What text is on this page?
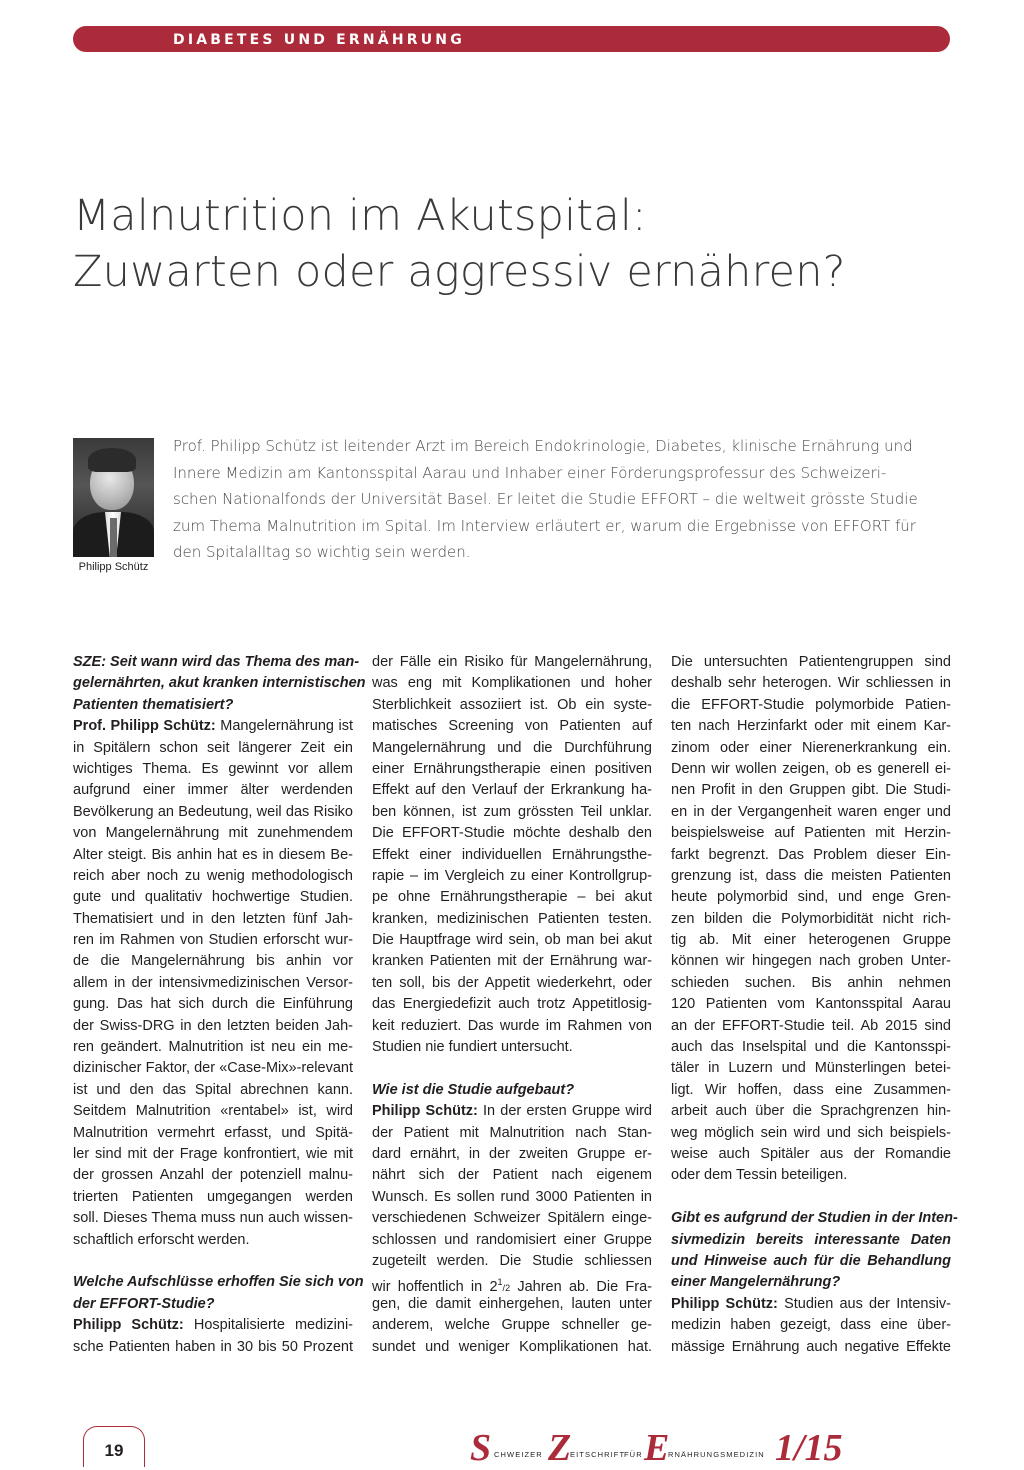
DIABETES UND ERNÄHRUNG
Malnutrition im Akutspital:
Zuwarten oder aggressiv ernähren?
Philipp Schütz

Prof. Philipp Schütz ist leitender Arzt im Bereich Endokrinologie, Diabetes, klinische Ernährung und
Innere Medizin am Kantonsspital Aarau und Inhaber einer Förderungsprofessur des Schweizeri-
schen Nationalfonds der Universität Basel. Er leitet die Studie EFFORT – die weltweit grösste Studie
zum Thema Malnutrition im Spital. Im Interview erläutert er, warum die Ergebnisse von EFFORT für
den Spitalalltag so wichtig sein werden.

SZE: Seit wann wird das Thema des man-
gelernährten, akut kranken internistischen
Patienten thematisiert?
Prof. Philipp Schütz: Mangelernährung ist
in Spitälern schon seit längerer Zeit ein
wichtiges Thema. Es gewinnt vor allem
aufgrund einer immer älter werdenden
Bevölkerung an Bedeutung, weil das Risiko
von Mangelernährung mit zunehmendem
Alter steigt. Bis anhin hat es in diesem Be-
reich aber noch zu wenig methodologisch
gute und qualitativ hochwertige Studien.
Thematisiert und in den letzten fünf Jah-
ren im Rahmen von Studien erforscht wur-
de die Mangelernährung bis anhin vor
allem in der intensivmedizinischen Versor-
gung. Das hat sich durch die Einführung
der Swiss-DRG in den letzten beiden Jah-
ren geändert. Malnutrition ist neu ein me-
dizinischer Faktor, der «Case-Mix»-relevant
ist und den das Spital abrechnen kann.
Seitdem Malnutrition «rentabel» ist, wird
Malnutrition vermehrt erfasst, und Spitä-
ler sind mit der Frage konfrontiert, wie mit
der grossen Anzahl der potenziell malnu-
trierten Patienten umgegangen werden
soll. Dieses Thema muss nun auch wissen-
schaftlich erforscht werden.
Welche Aufschlüsse erhoffen Sie sich von
der EFFORT-Studie?
Philipp Schütz: Hospitalisierte medizini-
sche Patienten haben in 30 bis 50 Prozent
der Fälle ein Risiko für Mangelernährung,
was eng mit Komplikationen und hoher
Sterblichkeit assoziiert ist. Ob ein syste-
matisches Screening von Patienten auf
Mangelernährung und die Durchführung
einer Ernährungstherapie einen positiven
Effekt auf den Verlauf der Erkrankung ha-
ben können, ist zum grössten Teil unklar.
Die EFFORT-Studie möchte deshalb den
Effekt einer individuellen Ernährungsthe-
rapie – im Vergleich zu einer Kontrollgrup-
pe ohne Ernährungstherapie – bei akut
kranken, medizinischen Patienten testen.
Die Hauptfrage wird sein, ob man bei akut
kranken Patienten mit der Ernährung war-
ten soll, bis der Appetit wiederkehrt, oder
das Energiedefizit auch trotz Appetitlosig-
keit reduziert. Das wurde im Rahmen von
Studien nie fundiert untersucht.
Wie ist die Studie aufgebaut?
Philipp Schütz: In der ersten Gruppe wird
der Patient mit Malnutrition nach Stan-
dard ernährt, in der zweiten Gruppe er-
nährt sich der Patient nach eigenem
Wunsch. Es sollen rund 3000 Patienten in
verschiedenen Schweizer Spitälern einge-
schlossen und randomisiert einer Gruppe
zugeteilt werden. Die Studie schliessen
wir hoffentlich in $2^1/2$ Jahren ab. Die Fra-
gen, die damit einhergehen, lauten unter
anderem, welche Gruppe schneller ge-
sundet und weniger Komplikationen hat.
Die untersuchten Patientengruppen sind
deshalb sehr heterogen. Wir schliessen in
die EFFORT-Studie polymorbide Patien-
ten nach Herzinfarkt oder mit einem Kar-
zinom oder einer Nierenerkrankung ein.
Denn wir wollen zeigen, ob es generell ei-
nen Profit in den Gruppen gibt. Die Studi-
en in der Vergangenheit waren enger und
beispielsweise auf Patienten mit Herzin-
farkt begrenzt. Das Problem dieser Ein-
grenzung ist, dass die meisten Patienten
heute polymorbid sind, und enge Gren-
zen bilden die Polymorbidität nicht rich-
tig ab. Mit einer heterogenen Gruppe
können wir hingegen nach groben Unter-
schieden suchen. Bis anhin nehmen
120 Patienten vom Kantonsspital Aarau
an der EFFORT-Studie teil. Ab 2015 sind
auch das Inselspital und die Kantonsspi-
täler in Luzern und Münsterlingen betei-
ligt. Wir hoffen, dass eine Zusammen-
arbeit auch über die Sprachgrenzen hin-
weg möglich sein wird und sich beispiels-
weise auch Spitäler aus der Romandie
oder dem Tessin beteiligen.
Gibt es aufgrund der Studien in der Inten-
sivmedizin bereits interessante Daten
und Hinweise auch für die Behandlung
einer Mangelernährung?
Philipp Schütz: Studien aus der Intensiv-
medizin haben gezeigt, dass eine über-
mässige Ernährung auch negative Effekte
19	S CHWEIZER Z
EITSCHRIFT
FÜR E
RNÄHRUNGSMEDIZIN 1/15
